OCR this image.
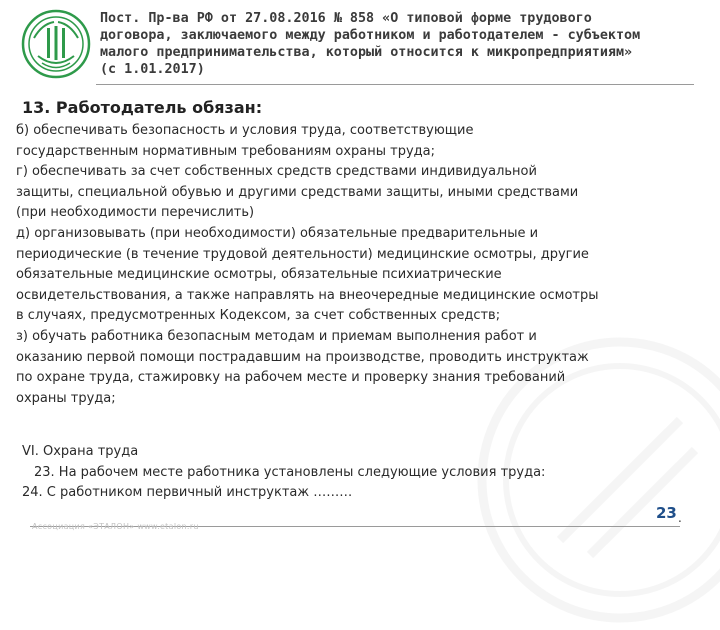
Пост. Пр-ва РФ от 27.08.2016 № 858 «О типовой форме трудового
договора, заключаемого между работником и работодателем - субъектом
малого предпринимательства, который относится к микропредприятиям»
(с 1.01.2017)
13. Работодатель обязан:

б) обеспечивать безопасность и условия труда, соответствующие
государственным нормативным требованиям охраны труда;

г) обеспечивать за счет собственных средств средствами индивидуальной
защиты, специальной обувью и другими средствами защиты, иными средствами
(при необходимости перечислить)

д) организовывать (при необходимости) обязательные предварительные и
периодические (в течение трудовой деятельности) медицинские осмотры, другие
обязательные медицинские осмотры, обязательные психиатрические
освидетельствования, а также направлять на внеочередные медицинские осмотры
в случаях, предусмотренных Кодексом, за счет собственных средств;

з) обучать работника безопасным методам и приемам выполнения работ и
оказанию первой помощи пострадавшим на производстве, проводить инструктаж
по охране труда, стажировку на рабочем месте и проверку знания требований
охраны труда;

VI. Охрана труда

23. На рабочем месте работника установлены следующие условия труда:

24. С работником первичный инструктаж ………

Ассоциация «ЭТАЛОН» www.etalon.ru
23 .
